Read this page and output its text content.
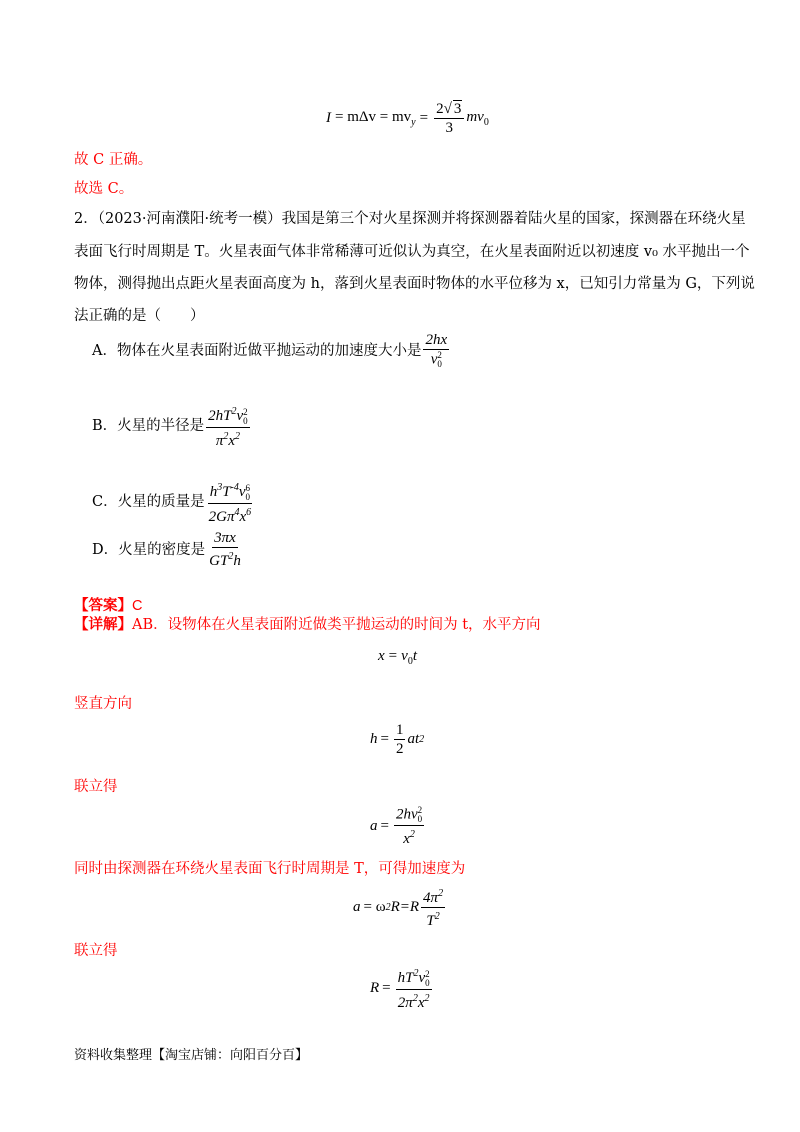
$I = m\Delta v = mv_y = \frac{2√ 3}{3} mv_0$
故 C 正确。
故选 C。
2．（2023·河南濮阳·统考一模）我国是第三个对火星探测并将探测器着陆火星的国家，探测器在环绕火星
表面飞行时周期是 T。火星表面气体非常稀薄可近似认为真空，在火星表面附近以初速度 v₀ 水平抛出一个
物体，测得抛出点距火星表面高度为 h，落到火星表面时物体的水平位移为 x，已知引力常量为 G，下列说
法正确的是（　　）
A．物体在火星表面附近做平抛运动的加速度大小是 2hx
v 2
0
B．火星的半径是 $2hT^2v$ 2
0
$\pi^2x^2$
C．火星的质量是 $h^3T^{-4}v$ 6
0
$2G\pi^4x^6$
D．火星的密度是 $\frac{3\pi x}{GT^2h}$
【答案】C
【详解】AB．设物体在火星表面附近做类平抛运动的时间为 t，水平方向
$x = v_0t$
竖直方向
$h = \frac{1}{2}$ at 2
联立得
a = 2hv 2
0
$x^2$
同时由探测器在环绕火星表面飞行时周期是 T，可得加速度为
a = ω 2 $R=R \frac{4\pi^2}{T^2}$
联立得
$R = hT^2v$ 2
0
$2\pi^2x^2$
资料收集整理【淘宝店铺：向阳百分百】
